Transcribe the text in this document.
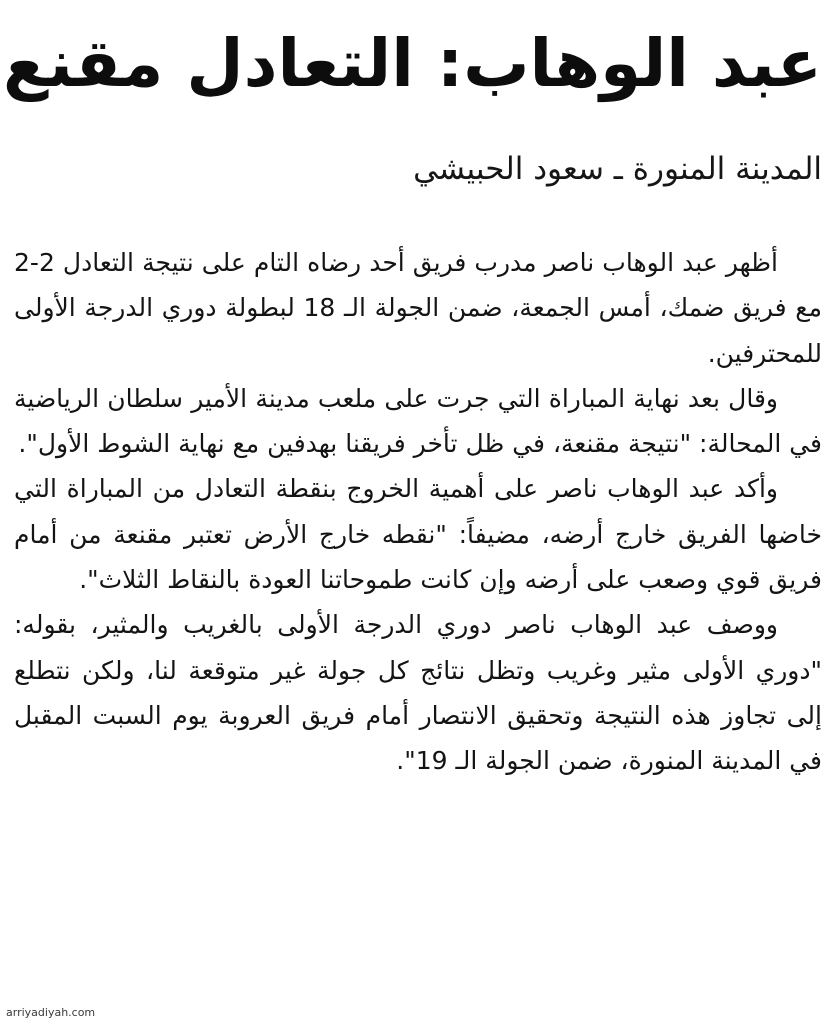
عبد الوهاب: التعادل مقنع
المدينة المنورة ـ سعود الحبيشي

أظهر عبد الوهاب ناصر مدرب فريق أحد رضاه التام على نتيجة التعادل 2-2 مع فريق ضمك، أمس الجمعة، ضمن الجولة الـ 18 لبطولة دوري الدرجة الأولى للمحترفين.

وقال بعد نهاية المباراة التي جرت على ملعب مدينة الأمير سلطان الرياضية في المحالة: "نتيجة مقنعة، في ظل تأخر فريقنا بهدفين مع نهاية الشوط الأول".

وأكد عبد الوهاب ناصر على أهمية الخروج بنقطة التعادل من المباراة التي خاضها الفريق خارج أرضه، مضيفاً: "نقطه خارج الأرض تعتبر مقنعة من أمام فريق قوي وصعب على أرضه وإن كانت طموحاتنا العودة بالنقاط الثلاث".

ووصف عبد الوهاب ناصر دوري الدرجة الأولى بالغريب والمثير، بقوله: "دوري الأولى مثير وغريب وتظل نتائج كل جولة غير متوقعة لنا، ولكن نتطلع إلى تجاوز هذه النتيجة وتحقيق الانتصار أمام فريق العروبة يوم السبت المقبل في المدينة المنورة، ضمن الجولة الـ 19".

arriyadiyah.com
